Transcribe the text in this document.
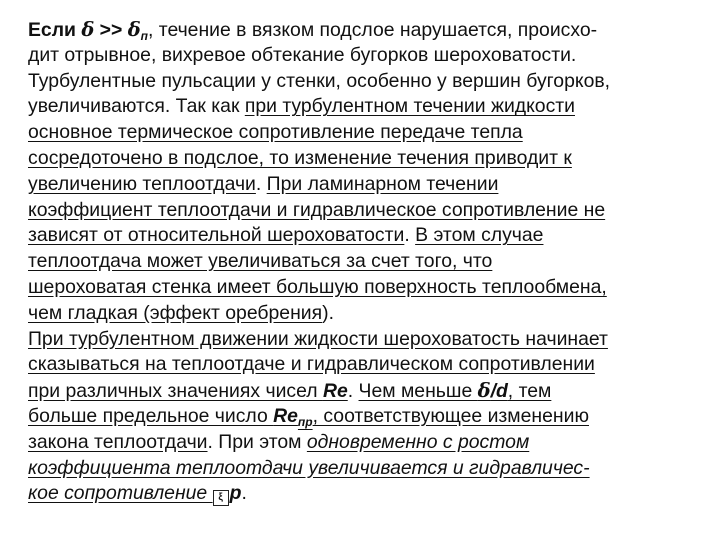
Если $\delta >> \delta_п$, течение в вязком подслое нарушается, происхо-
дит отрывное, вихревое обтекание бугорков шероховатости.
Турбулентные пульсации у стенки, особенно у вершин бугорков,
увеличиваются. Так как при турбулентном течении жидкости
основное термическое сопротивление передаче тепла
сосредоточено в подслое, то изменение течения приводит к
увеличению теплоотдачи. При ламинарном течении
коэффициент теплоотдачи и гидравлическое сопротивление не
зависят от относительной шероховатости. В этом случае
теплоотдача может увеличиваться за счет того, что
шероховатая стенка имеет большую поверхность теплообмена,
чем гладкая (эффект оребрения).
При турбулентном движении жидкости шероховатость начинает
сказываться на теплоотдаче и гидравлическом сопротивлении
при различных значениях чисел Re. Чем меньше δ/d, тем
больше предельное число $Re_{пр}$, соответствующее изменению
закона теплоотдачи. При этом одновременно с ростом
коэффициента теплоотдачи увеличивается и гидравличес-
кое сопротивление ξ р.
